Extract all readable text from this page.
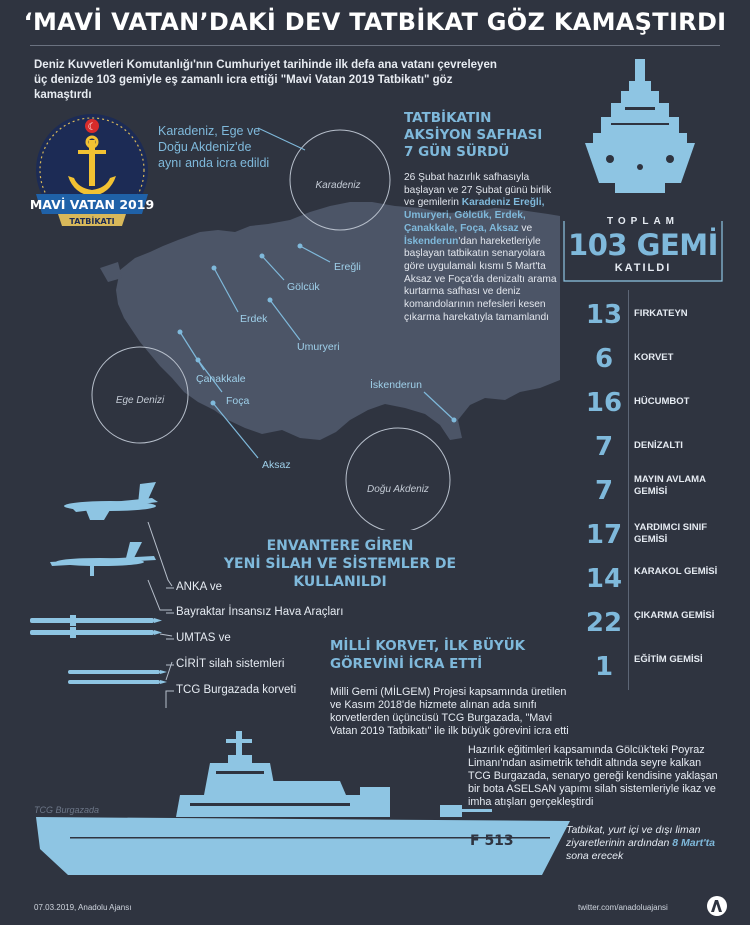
‘MAVİ VATAN’DAKİ DEV TATBİKAT GÖZ KAMAŞTIRDI
Deniz Kuvvetleri Komutanlığı'nın Cumhuriyet tarihinde ilk defa ana vatanı çevreleyen üç denizde 103 gemiyle eş zamanlı icra ettiği "Mavi Vatan 2019 Tatbikatı" göz kamaştırdı
Karadeniz
Ege Denizi
Doğu Akdeniz
Ereğli
Gölcük
Erdek
Umuryeri
Çanakkale
Foça
Aksaz
İskenderun
☾
MAVİ VATAN 2019
TATBİKATI
Karadeniz, Ege ve Doğu Akdeniz'de aynı anda icra edildi
TATBİKATIN
AKSİYON SAFHASI
7 GÜN SÜRDÜ
26 Şubat hazırlık safhasıyla başlayan ve 27 Şubat günü birlik ve gemilerin Karadeniz Ereğli, Umuryeri, Gölcük, Erdek, Çanakkale, Foça, Aksaz ve İskenderun'dan hareketleriyle başlayan tatbikatın senaryolara göre uygulamalı kısmı 5 Mart'ta Aksaz ve Foça'da denizaltı arama kurtarma safhası ve deniz komandolarının nefesleri kesen çıkarma harekatıyla tamamlandı
TOPLAM
103 GEMİ
KATILDI
13	FIRKATEYN
6	KORVET
16	HÜCUMBOT
7	DENİZALTI
7	MAYIN AVLAMA GEMİSİ
17	YARDIMCI SINIF GEMİSİ
14	KARAKOL GEMİSİ
22	ÇIKARMA GEMİSİ
1	EĞİTİM GEMİSİ
ENVANTERE GİREN
YENİ SİLAH VE SİSTEMLER DE KULLANILDI
ANKA ve
Bayraktar İnsansız Hava Araçları
UMTAS ve
CİRİT silah sistemleri
TCG Burgazada korveti
MİLLİ KORVET, İLK BÜYÜK
GÖREVİNİ İCRA ETTİ
Milli Gemi (MİLGEM) Projesi kapsamında üretilen ve Kasım 2018'de hizmete alınan ada sınıfı korvetlerden üçüncüsü TCG Burgazada, "Mavi Vatan 2019 Tatbikatı" ile ilk büyük görevini icra etti
Hazırlık eğitimleri kapsamında Gölcük'teki Poyraz Limanı'ndan asimetrik tehdit altında seyre kalkan TCG Burgazada, senaryo gereği kendisine yaklaşan bir bota ASELSAN yapımı silah sistemleriyle ikaz ve imha atışları gerçekleştirdi
F 513
TCG Burgazada
Tatbikat, yurt içi ve dışı liman ziyaretlerinin ardından 8 Mart'ta sona erecek
07.03.2019, Anadolu Ajansı	twitter.com/anadoluajansi
